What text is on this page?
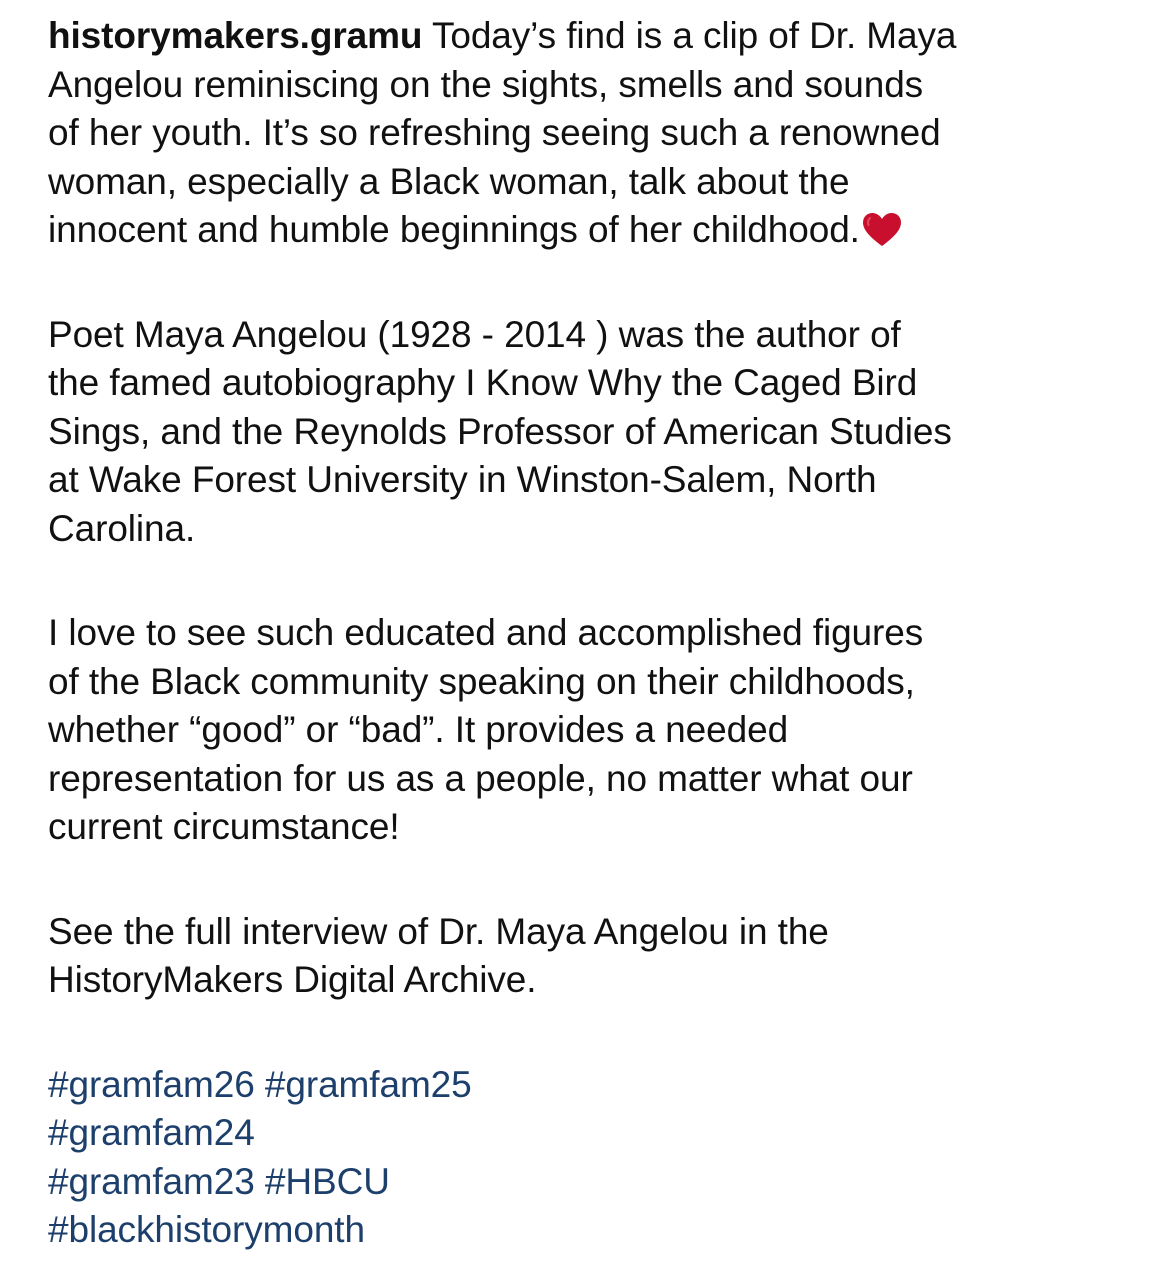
historymakers.gramu Today’s find is a clip of Dr. Maya
Angelou reminiscing on the sights, smells and sounds
of her youth. It’s so refreshing seeing such a renowned
woman, especially a Black woman, talk about the
innocent and humble beginnings of her childhood.
Poet Maya Angelou (1928 - 2014 ) was the author of
the famed autobiography I Know Why the Caged Bird
Sings, and the Reynolds Professor of American Studies
at Wake Forest University in Winston-Salem, North
Carolina.
I love to see such educated and accomplished figures
of the Black community speaking on their childhoods,
whether “good” or “bad”. It provides a needed
representation for us as a people, no matter what our
current circumstance!
See the full interview of Dr. Maya Angelou in the
HistoryMakers Digital Archive.
#gramfam26 #gramfam25
#gramfam24
#gramfam23 #HBCU
#blackhistorymonth
